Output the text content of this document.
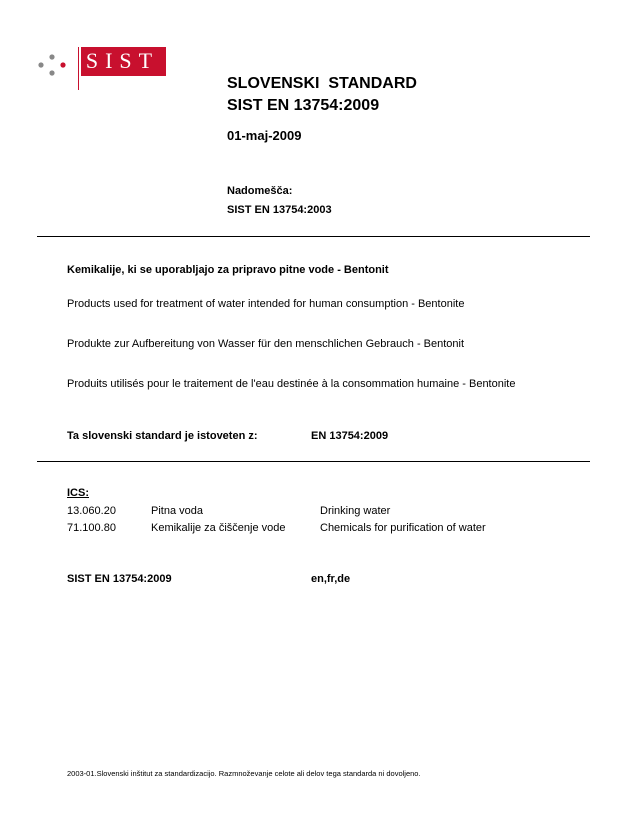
SIST
SLOVENSKI  STANDARD
SIST EN 13754:2009
01-maj-2009
Nadomešča:
SIST EN 13754:2003
Kemikalije, ki se uporabljajo za pripravo pitne vode - Bentonit
Products used for treatment of water intended for human consumption - Bentonite
Produkte zur Aufbereitung von Wasser für den menschlichen Gebrauch - Bentonit
Produits utilisés pour le traitement de l'eau destinée à la consommation humaine - Bentonite
Ta slovenski standard je istoveten z:	EN 13754:2009
ICS:
13.060.20	Pitna voda	Drinking water
71.100.80	Kemikalije za čiščenje vode	Chemicals for purification of water
SIST EN 13754:2009	en,fr,de
2003-01.Slovenski inštitut za standardizacijo. Razmnoževanje celote ali delov tega standarda ni dovoljeno.
